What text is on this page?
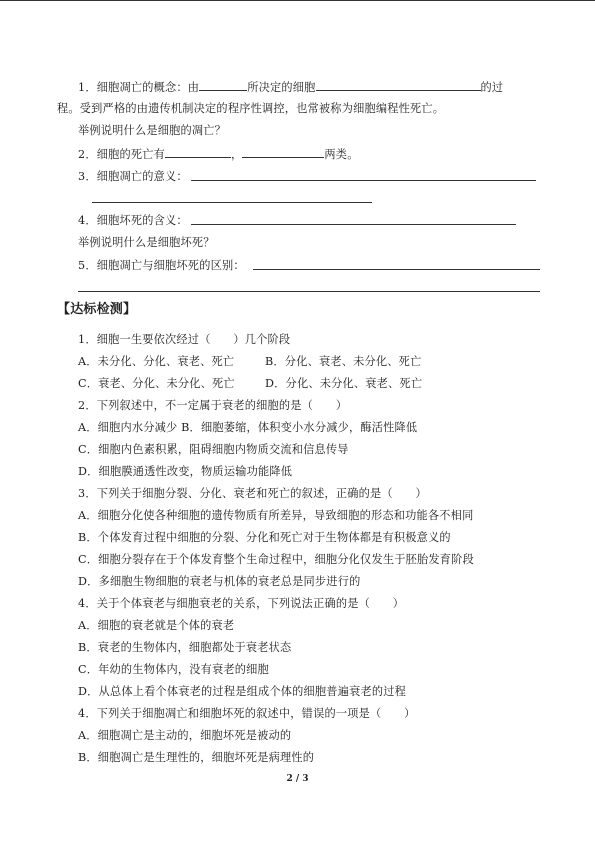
1．细胞凋亡的概念：由	所决定的细胞	的过
程。受到严格的由遗传机制决定的程序性调控，也常被称为细胞编程性死亡。
举例说明什么是细胞的凋亡？
2．细胞的死亡有	，	两类。
3．细胞凋亡的意义：
4．细胞坏死的含义：
举例说明什么是细胞坏死？
5．细胞凋亡与细胞坏死的区别：
【达标检测】
1．细胞一生要依次经过（　　）几个阶段
A．未分化、分化、衰老、死亡	B．分化、衰老、未分化、死亡
C．衰老、分化、未分化、死亡	D．分化、未分化、衰老、死亡
2．下列叙述中，不一定属于衰老的细胞的是（　　）
A．细胞内水分减少 B．细胞萎缩，体积变小水分减少，酶活性降低
C．细胞内色素积累，阻碍细胞内物质交流和信息传导
D．细胞膜通透性改变，物质运输功能降低
3．下列关于细胞分裂、分化、衰老和死亡的叙述，正确的是（　　）
A．细胞分化使各种细胞的遗传物质有所差异，导致细胞的形态和功能各不相同
B．个体发育过程中细胞的分裂、分化和死亡对于生物体都是有积极意义的
C．细胞分裂存在于个体发育整个生命过程中，细胞分化仅发生于胚胎发育阶段
D．多细胞生物细胞的衰老与机体的衰老总是同步进行的
4．关于个体衰老与细胞衰老的关系，下列说法正确的是（　　）
A．细胞的衰老就是个体的衰老
B．衰老的生物体内，细胞都处于衰老状态
C．年幼的生物体内，没有衰老的细胞
D．从总体上看个体衰老的过程是组成个体的细胞普遍衰老的过程
4．下列关于细胞凋亡和细胞坏死的叙述中，错误的一项是（　　）
A．细胞凋亡是主动的，细胞坏死是被动的
B．细胞凋亡是生理性的，细胞坏死是病理性的
2 / 3
